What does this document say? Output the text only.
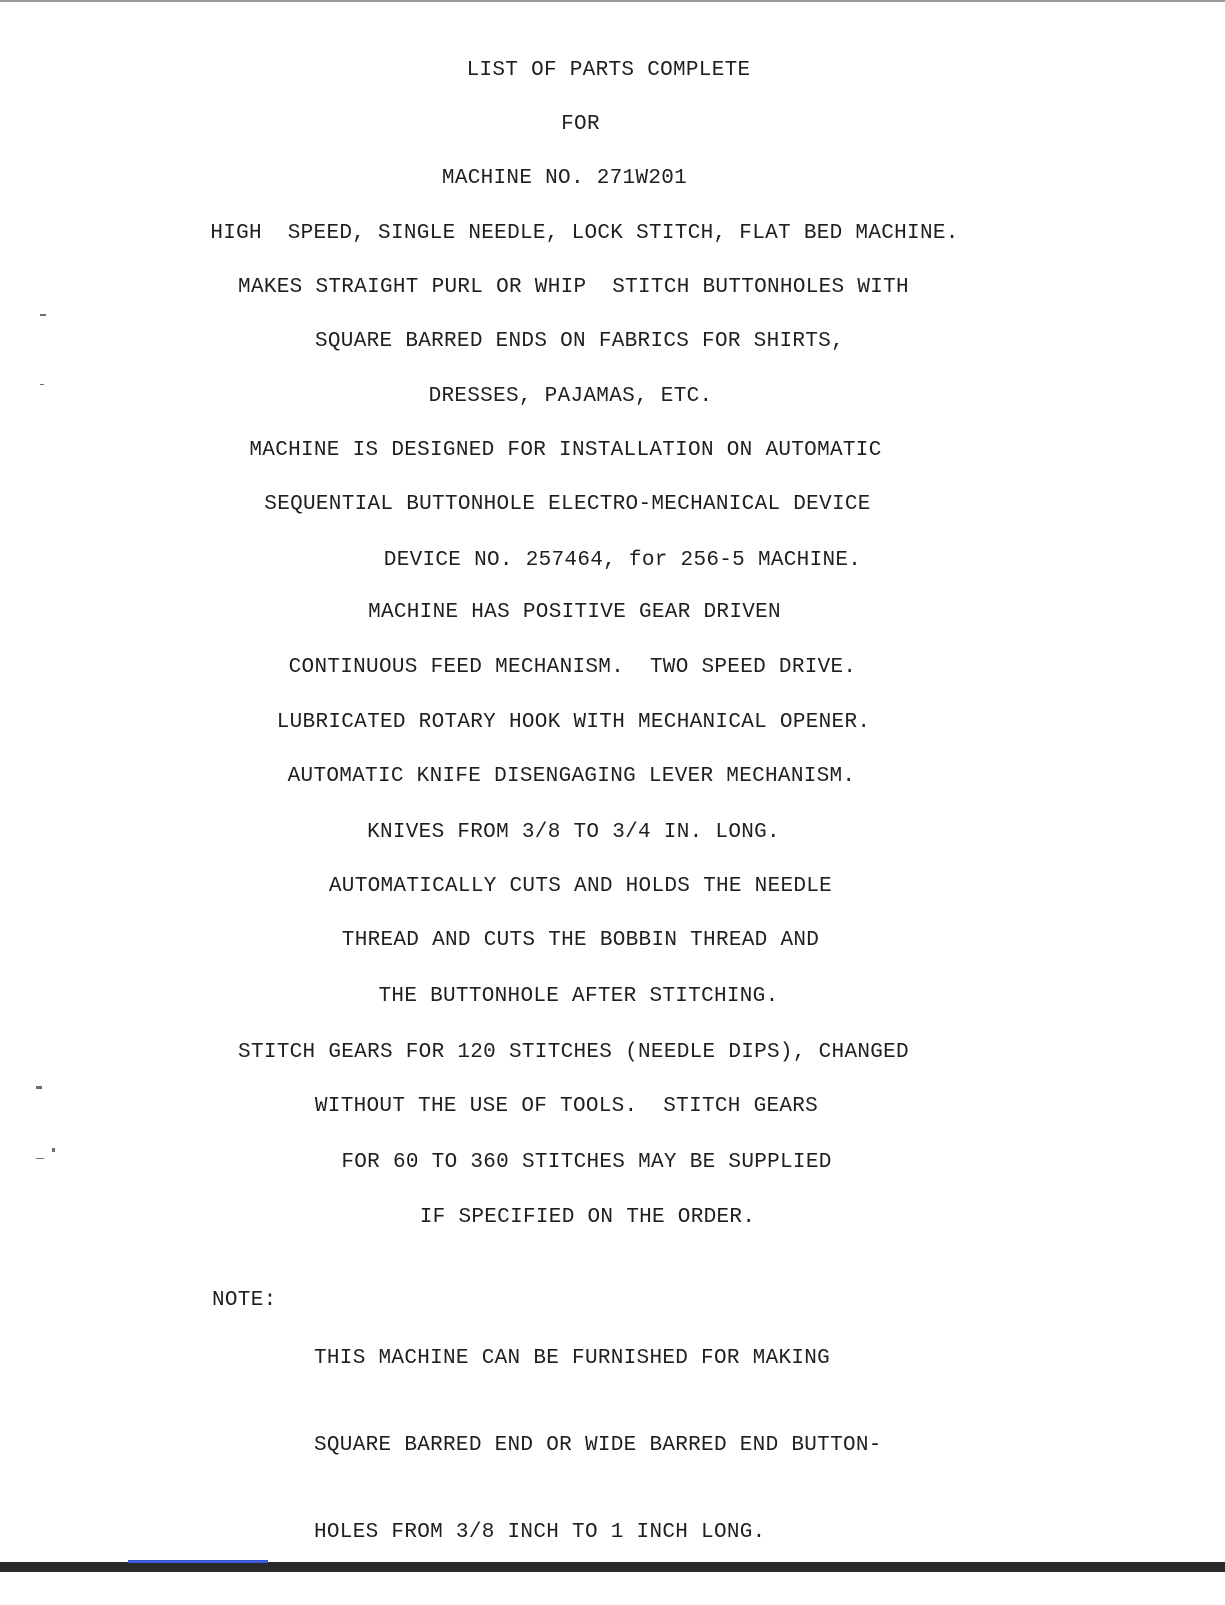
LIST OF PARTS COMPLETE
FOR
MACHINE NO. 271W201
HIGH  SPEED, SINGLE NEEDLE, LOCK STITCH, FLAT BED MACHINE.
MAKES STRAIGHT PURL OR WHIP  STITCH BUTTONHOLES WITH
SQUARE BARRED ENDS ON FABRICS FOR SHIRTS,
DRESSES, PAJAMAS, ETC.
MACHINE IS DESIGNED FOR INSTALLATION ON AUTOMATIC
SEQUENTIAL BUTTONHOLE ELECTRO-MECHANICAL DEVICE
DEVICE NO. 257464, for 256-5 MACHINE.
MACHINE HAS POSITIVE GEAR DRIVEN
CONTINUOUS FEED MECHANISM.  TWO SPEED DRIVE.
LUBRICATED ROTARY HOOK WITH MECHANICAL OPENER.
AUTOMATIC KNIFE DISENGAGING LEVER MECHANISM.
KNIVES FROM 3/8 TO 3/4 IN. LONG.
AUTOMATICALLY CUTS AND HOLDS THE NEEDLE
THREAD AND CUTS THE BOBBIN THREAD AND
THE BUTTONHOLE AFTER STITCHING.
STITCH GEARS FOR 120 STITCHES (NEEDLE DIPS), CHANGED
WITHOUT THE USE OF TOOLS.  STITCH GEARS
FOR 60 TO 360 STITCHES MAY BE SUPPLIED
IF SPECIFIED ON THE ORDER.

NOTE:

THIS MACHINE CAN BE FURNISHED FOR MAKING

SQUARE BARRED END OR WIDE BARRED END BUTTON-

HOLES FROM 3/8 INCH TO 1 INCH LONG.
